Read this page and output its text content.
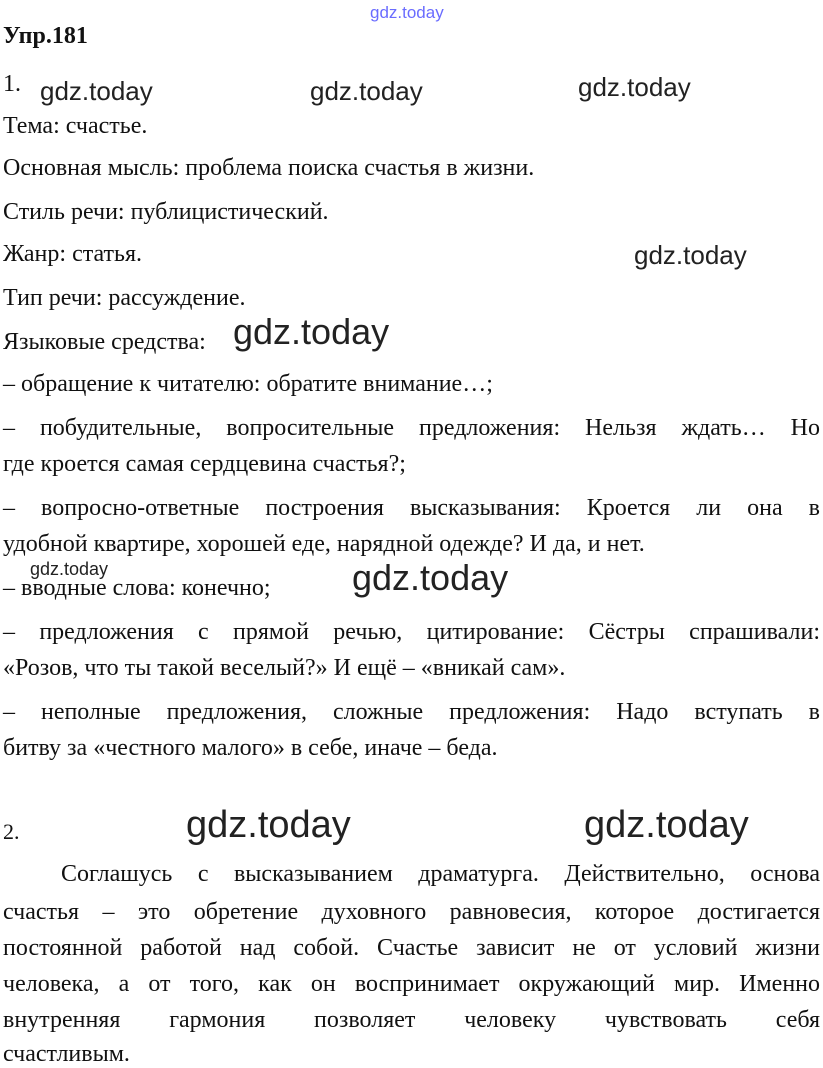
gdz.today
Упр.181
1. gdz.today	gdz.today	gdz.today
Тема: счастье.
Основная мысль: проблема поиска счастья в жизни.
Стиль речи: публицистический.
Жанр: статья.	gdz.today
Тип речи: рассуждение.
Языковые средства: gdz.today
– обращение к читателю: обратите внимание…;
– побудительные, вопросительные предложения: Нельзя ждать… Но
где кроется самая сердцевина счастья?;
– вопросно-ответные построения высказывания: Кроется ли она в
удобной квартире, хорошей еде, нарядной одежде? И да, и нет.
– вводные слова: конечно;
gdz.today	gdz.today
– предложения с прямой речью, цитирование: Сёстры спрашивали:
«Розов, что ты такой веселый?» И ещё – «вникай сам».
– неполные предложения, сложные предложения: Надо вступать в
битву за «честного малого» в себе, иначе – беда.
2.	gdz.today	gdz.today
Соглашусь с высказыванием драматурга. Действительно, основа
счастья – это обретение духовного равновесия, которое достигается
постоянной работой над собой. Счастье зависит не от условий жизни
человека, а от того, как он воспринимает окружающий мир. Именно
внутренняя гармония позволяет человеку чувствовать себя
счастливым.
